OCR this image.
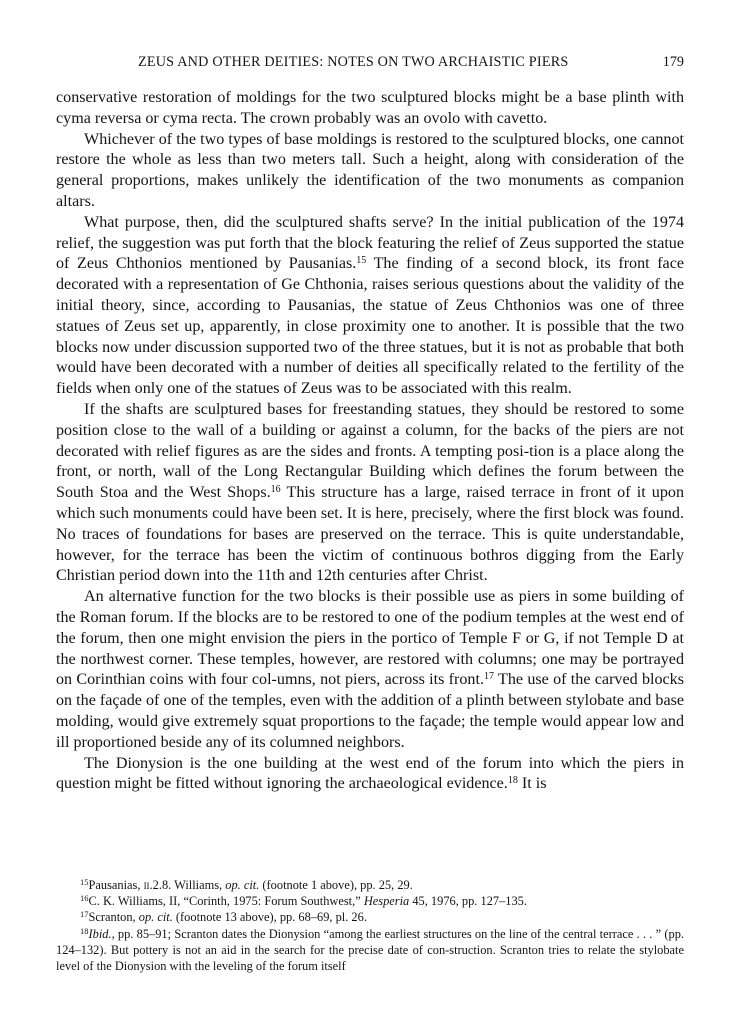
ZEUS AND OTHER DEITIES: NOTES ON TWO ARCHAISTIC PIERS	179

conservative restoration of moldings for the two sculptured blocks might be a base plinth with cyma reversa or cyma recta. The crown probably was an ovolo with cavetto.

Whichever of the two types of base moldings is restored to the sculptured blocks, one cannot restore the whole as less than two meters tall. Such a height, along with consideration of the general proportions, makes unlikely the identification of the two monuments as companion altars.

What purpose, then, did the sculptured shafts serve? In the initial publication of the 1974 relief, the suggestion was put forth that the block featuring the relief of Zeus supported the statue of Zeus Chthonios mentioned by Pausanias.$^{15}$ The finding of a second block, its front face decorated with a representation of Ge Chthonia, raises serious questions about the validity of the initial theory, since, according to Pausanias, the statue of Zeus Chthonios was one of three statues of Zeus set up, apparently, in close proximity one to another. It is possible that the two blocks now under discussion supported two of the three statues, but it is not as probable that both would have been decorated with a number of deities all specifically related to the fertility of the fields when only one of the statues of Zeus was to be associated with this realm.

If the shafts are sculptured bases for freestanding statues, they should be restored to some position close to the wall of a building or against a column, for the backs of the piers are not decorated with relief figures as are the sides and fronts. A tempting posi-tion is a place along the front, or north, wall of the Long Rectangular Building which defines the forum between the South Stoa and the West Shops.$^{16}$ This structure has a large, raised terrace in front of it upon which such monuments could have been set. It is here, precisely, where the first block was found. No traces of foundations for bases are preserved on the terrace. This is quite understandable, however, for the terrace has been the victim of continuous bothros digging from the Early Christian period down into the 11th and 12th centuries after Christ.

An alternative function for the two blocks is their possible use as piers in some building of the Roman forum. If the blocks are to be restored to one of the podium temples at the west end of the forum, then one might envision the piers in the portico of Temple F or G, if not Temple D at the northwest corner. These temples, however, are restored with columns; one may be portrayed on Corinthian coins with four col-umns, not piers, across its front.$^{17}$ The use of the carved blocks on the façade of one of the temples, even with the addition of a plinth between stylobate and base molding, would give extremely squat proportions to the façade; the temple would appear low and ill proportioned beside any of its columned neighbors.

The Dionysion is the one building at the west end of the forum into which the piers in question might be fitted without ignoring the archaeological evidence.$^{18}$ It is

$^{15}$Pausanias, ii.2.8. Williams, op. cit. (footnote 1 above), pp. 25, 29.

$^{16}$C. K. Williams, II, “Corinth, 1975: Forum Southwest,” Hesperia 45, 1976, pp. 127–135.

$^{17}$Scranton, op. cit. (footnote 13 above), pp. 68–69, pl. 26.

$^{18}$Ibid., pp. 85–91; Scranton dates the Dionysion “among the earliest structures on the line of the central terrace . . . ” (pp. 124–132). But pottery is not an aid in the search for the precise date of con-struction. Scranton tries to relate the stylobate level of the Dionysion with the leveling of the forum itself
